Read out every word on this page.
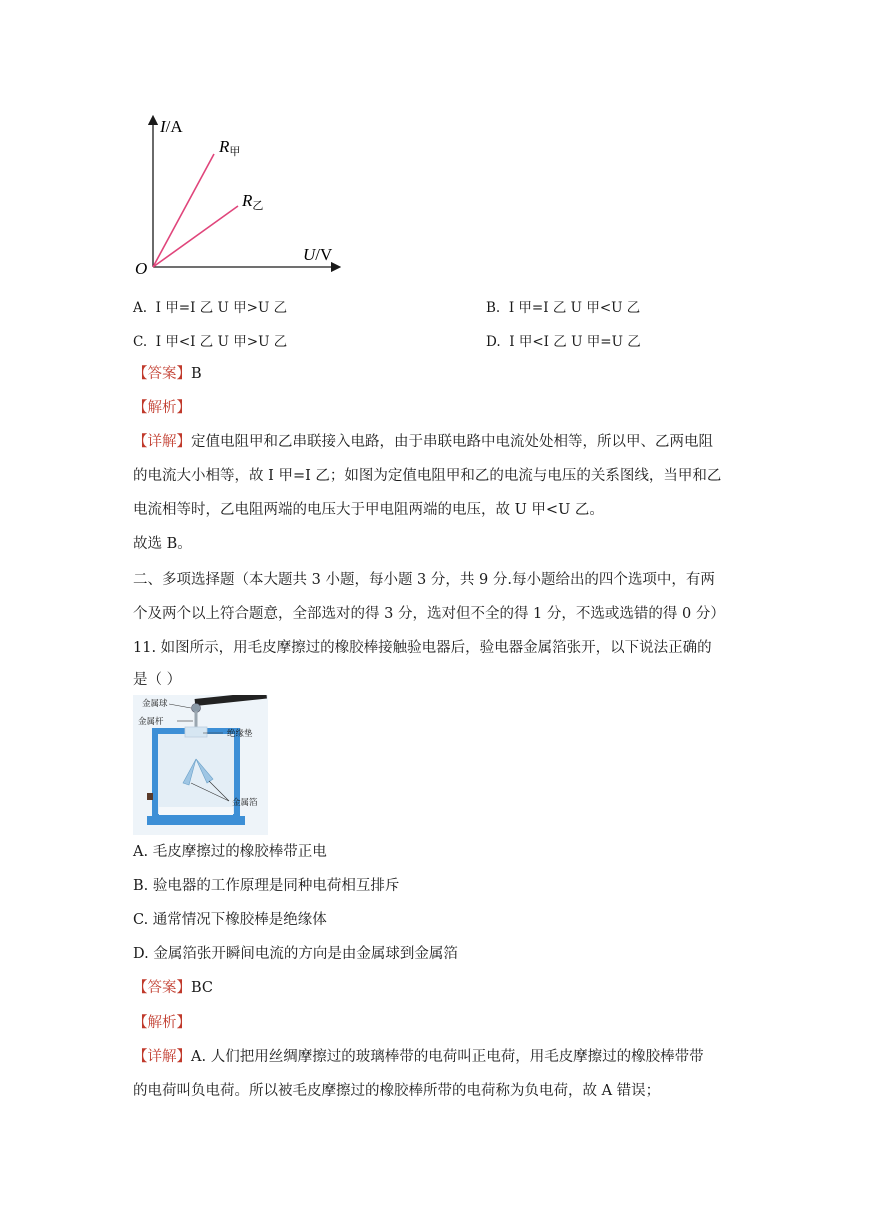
I/A
U/V
O
R甲
R乙
A. I 甲=I 乙 U 甲>U 乙	B. I 甲=I 乙 U 甲<U 乙
C. I 甲<I 乙 U 甲>U 乙	D. I 甲<I 乙 U 甲=U 乙
【答案】B
【解析】
【详解】定值电阻甲和乙串联接入电路，由于串联电路中电流处处相等，所以甲、乙两电阻
的电流大小相等，故 I 甲=I 乙；如图为定值电阻甲和乙的电流与电压的关系图线，当甲和乙
电流相等时，乙电阻两端的电压大于甲电阻两端的电压，故 U 甲<U 乙。
故选 B。
二、多项选择题（本大题共 3 小题，每小题 3 分，共 9 分.每小题给出的四个选项中，有两
个及两个以上符合题意，全部选对的得 3 分，选对但不全的得 1 分，不选或选错的得 0 分）
11. 如图所示，用毛皮摩擦过的橡胶棒接触验电器后，验电器金属箔张开，以下说法正确的
是（ ）
金属球
金属杆
绝缘垫
金属箔
A. 毛皮摩擦过的橡胶棒带正电
B. 验电器的工作原理是同种电荷相互排斥
C. 通常情况下橡胶棒是绝缘体
D. 金属箔张开瞬间电流的方向是由金属球到金属箔
【答案】BC
【解析】
【详解】A. 人们把用丝绸摩擦过的玻璃棒带的电荷叫正电荷，用毛皮摩擦过的橡胶棒带带
的电荷叫负电荷。所以被毛皮摩擦过的橡胶棒所带的电荷称为负电荷，故 A 错误；
